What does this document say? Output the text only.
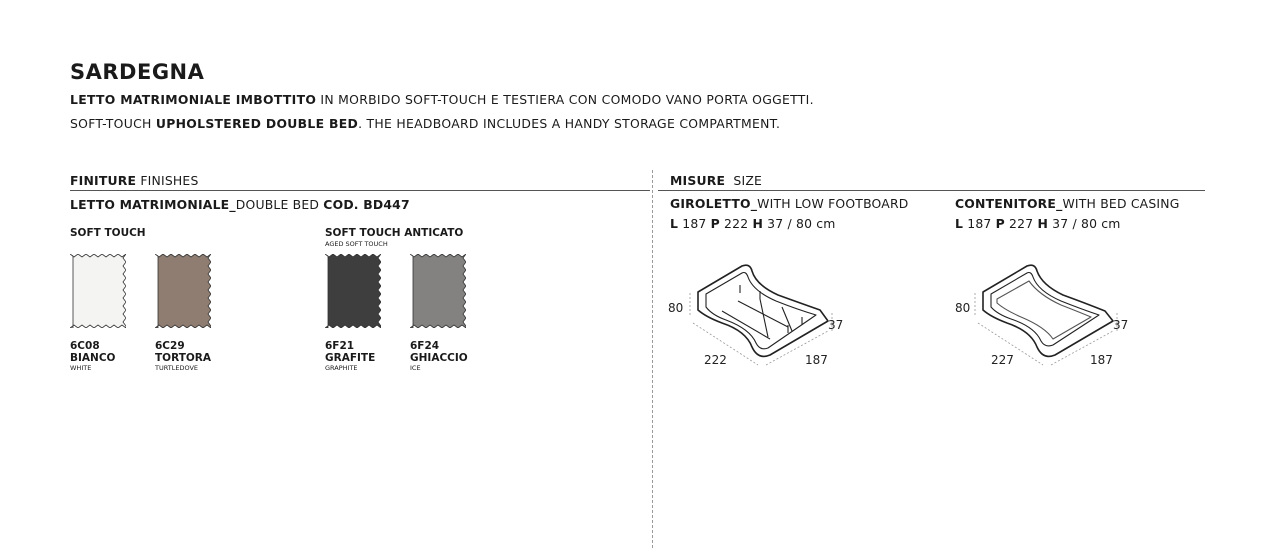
SARDEGNA
LETTO MATRIMONIALE IMBOTTITO IN MORBIDO SOFT-TOUCH E TESTIERA CON COMODO VANO PORTA OGGETTI.
SOFT-TOUCH UPHOLSTERED DOUBLE BED. THE HEADBOARD INCLUDES A HANDY STORAGE COMPARTMENT.
FINITURE FINISHES
LETTO MATRIMONIALE_DOUBLE BED COD. BD447
SOFT TOUCH	SOFT TOUCH ANTICATO
AGED SOFT TOUCH
6C08
BIANCO
WHITE
6C29
TORTORA
TURTLEDOVE
6F21
GRAFITE
GRAPHITE
6F24
GHIACCIO
ICE
MISURE  SIZE
GIROLETTO_WITH LOW FOOTBOARD
L 187 P 222 H 37 / 80 cm
CONTENITORE_WITH BED CASING
L 187 P 227 H 37 / 80 cm
80
37
222	187
80
37
227	187
